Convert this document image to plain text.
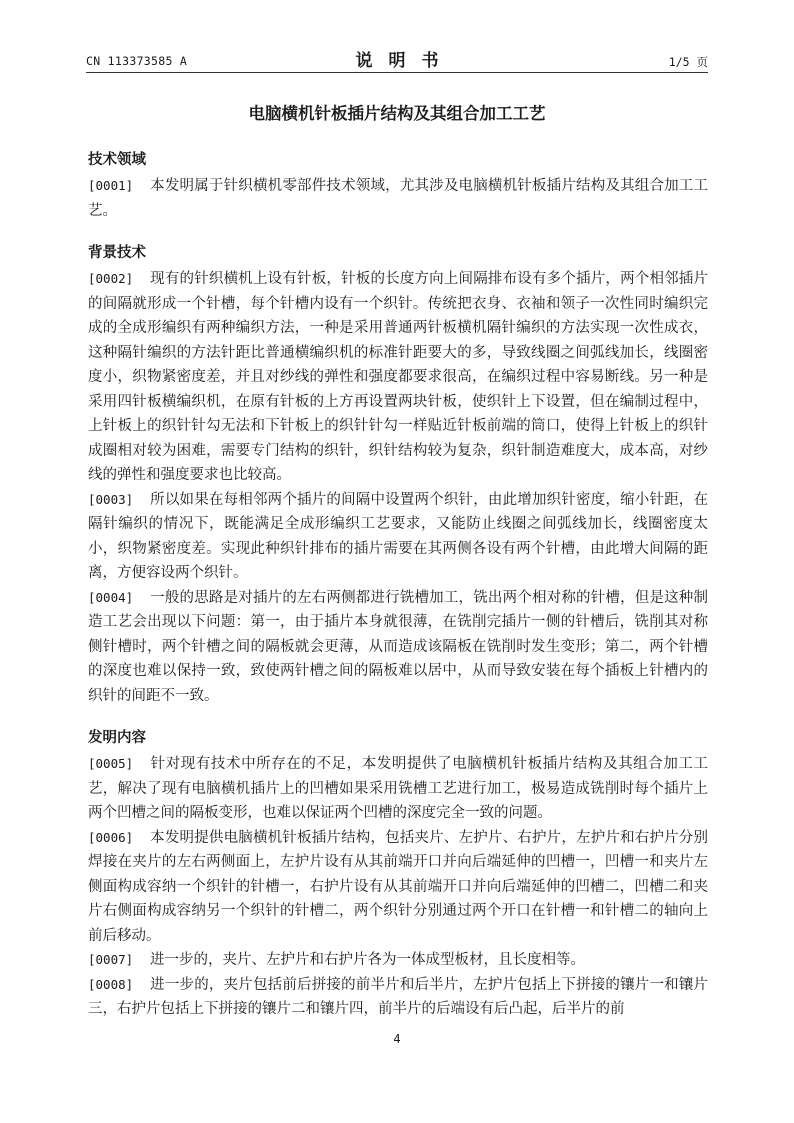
CN 113373585 A	说明书	1/5 页
电脑横机针板插片结构及其组合加工工艺
技术领域

[0001] 本发明属于针织横机零部件技术领域，尤其涉及电脑横机针板插片结构及其组合加工工艺。

背景技术

[0002] 现有的针织横机上设有针板，针板的长度方向上间隔排布设有多个插片，两个相邻插片的间隔就形成一个针槽，每个针槽内设有一个织针。传统把衣身、衣袖和领子一次性同时编织完成的全成形编织有两种编织方法，一种是采用普通两针板横机隔针编织的方法实现一次性成衣，这种隔针编织的方法针距比普通横编织机的标准针距要大的多，导致线圈之间弧线加长，线圈密度小，织物紧密度差，并且对纱线的弹性和强度都要求很高，在编织过程中容易断线。另一种是采用四针板横编织机，在原有针板的上方再设置两块针板，使织针上下设置，但在编制过程中，上针板上的织针针勾无法和下针板上的织针针勾一样贴近针板前端的筒口，使得上针板上的织针成圈相对较为困难，需要专门结构的织针，织针结构较为复杂，织针制造难度大，成本高，对纱线的弹性和强度要求也比较高。

[0003] 所以如果在每相邻两个插片的间隔中设置两个织针，由此增加织针密度，缩小针距，在隔针编织的情况下，既能满足全成形编织工艺要求，又能防止线圈之间弧线加长，线圈密度太小，织物紧密度差。实现此种织针排布的插片需要在其两侧各设有两个针槽，由此增大间隔的距离，方便容设两个织针。

[0004] 一般的思路是对插片的左右两侧都进行铣槽加工，铣出两个相对称的针槽，但是这种制造工艺会出现以下问题：第一，由于插片本身就很薄，在铣削完插片一侧的针槽后，铣削其对称侧针槽时，两个针槽之间的隔板就会更薄，从而造成该隔板在铣削时发生变形；第二，两个针槽的深度也难以保持一致，致使两针槽之间的隔板难以居中，从而导致安装在每个插板上针槽内的织针的间距不一致。

发明内容

[0005] 针对现有技术中所存在的不足，本发明提供了电脑横机针板插片结构及其组合加工工艺，解决了现有电脑横机插片上的凹槽如果采用铣槽工艺进行加工，极易造成铣削时每个插片上两个凹槽之间的隔板变形，也难以保证两个凹槽的深度完全一致的问题。

[0006] 本发明提供电脑横机针板插片结构，包括夹片、左护片、右护片，左护片和右护片分别焊接在夹片的左右两侧面上，左护片设有从其前端开口并向后端延伸的凹槽一，凹槽一和夹片左侧面构成容纳一个织针的针槽一，右护片设有从其前端开口并向后端延伸的凹槽二，凹槽二和夹片右侧面构成容纳另一个织针的针槽二，两个织针分别通过两个开口在针槽一和针槽二的轴向上前后移动。

[0007] 进一步的，夹片、左护片和右护片各为一体成型板材，且长度相等。

[0008] 进一步的，夹片包括前后拼接的前半片和后半片，左护片包括上下拼接的镶片一和镶片三，右护片包括上下拼接的镶片二和镶片四，前半片的后端设有后凸起，后半片的前

4
